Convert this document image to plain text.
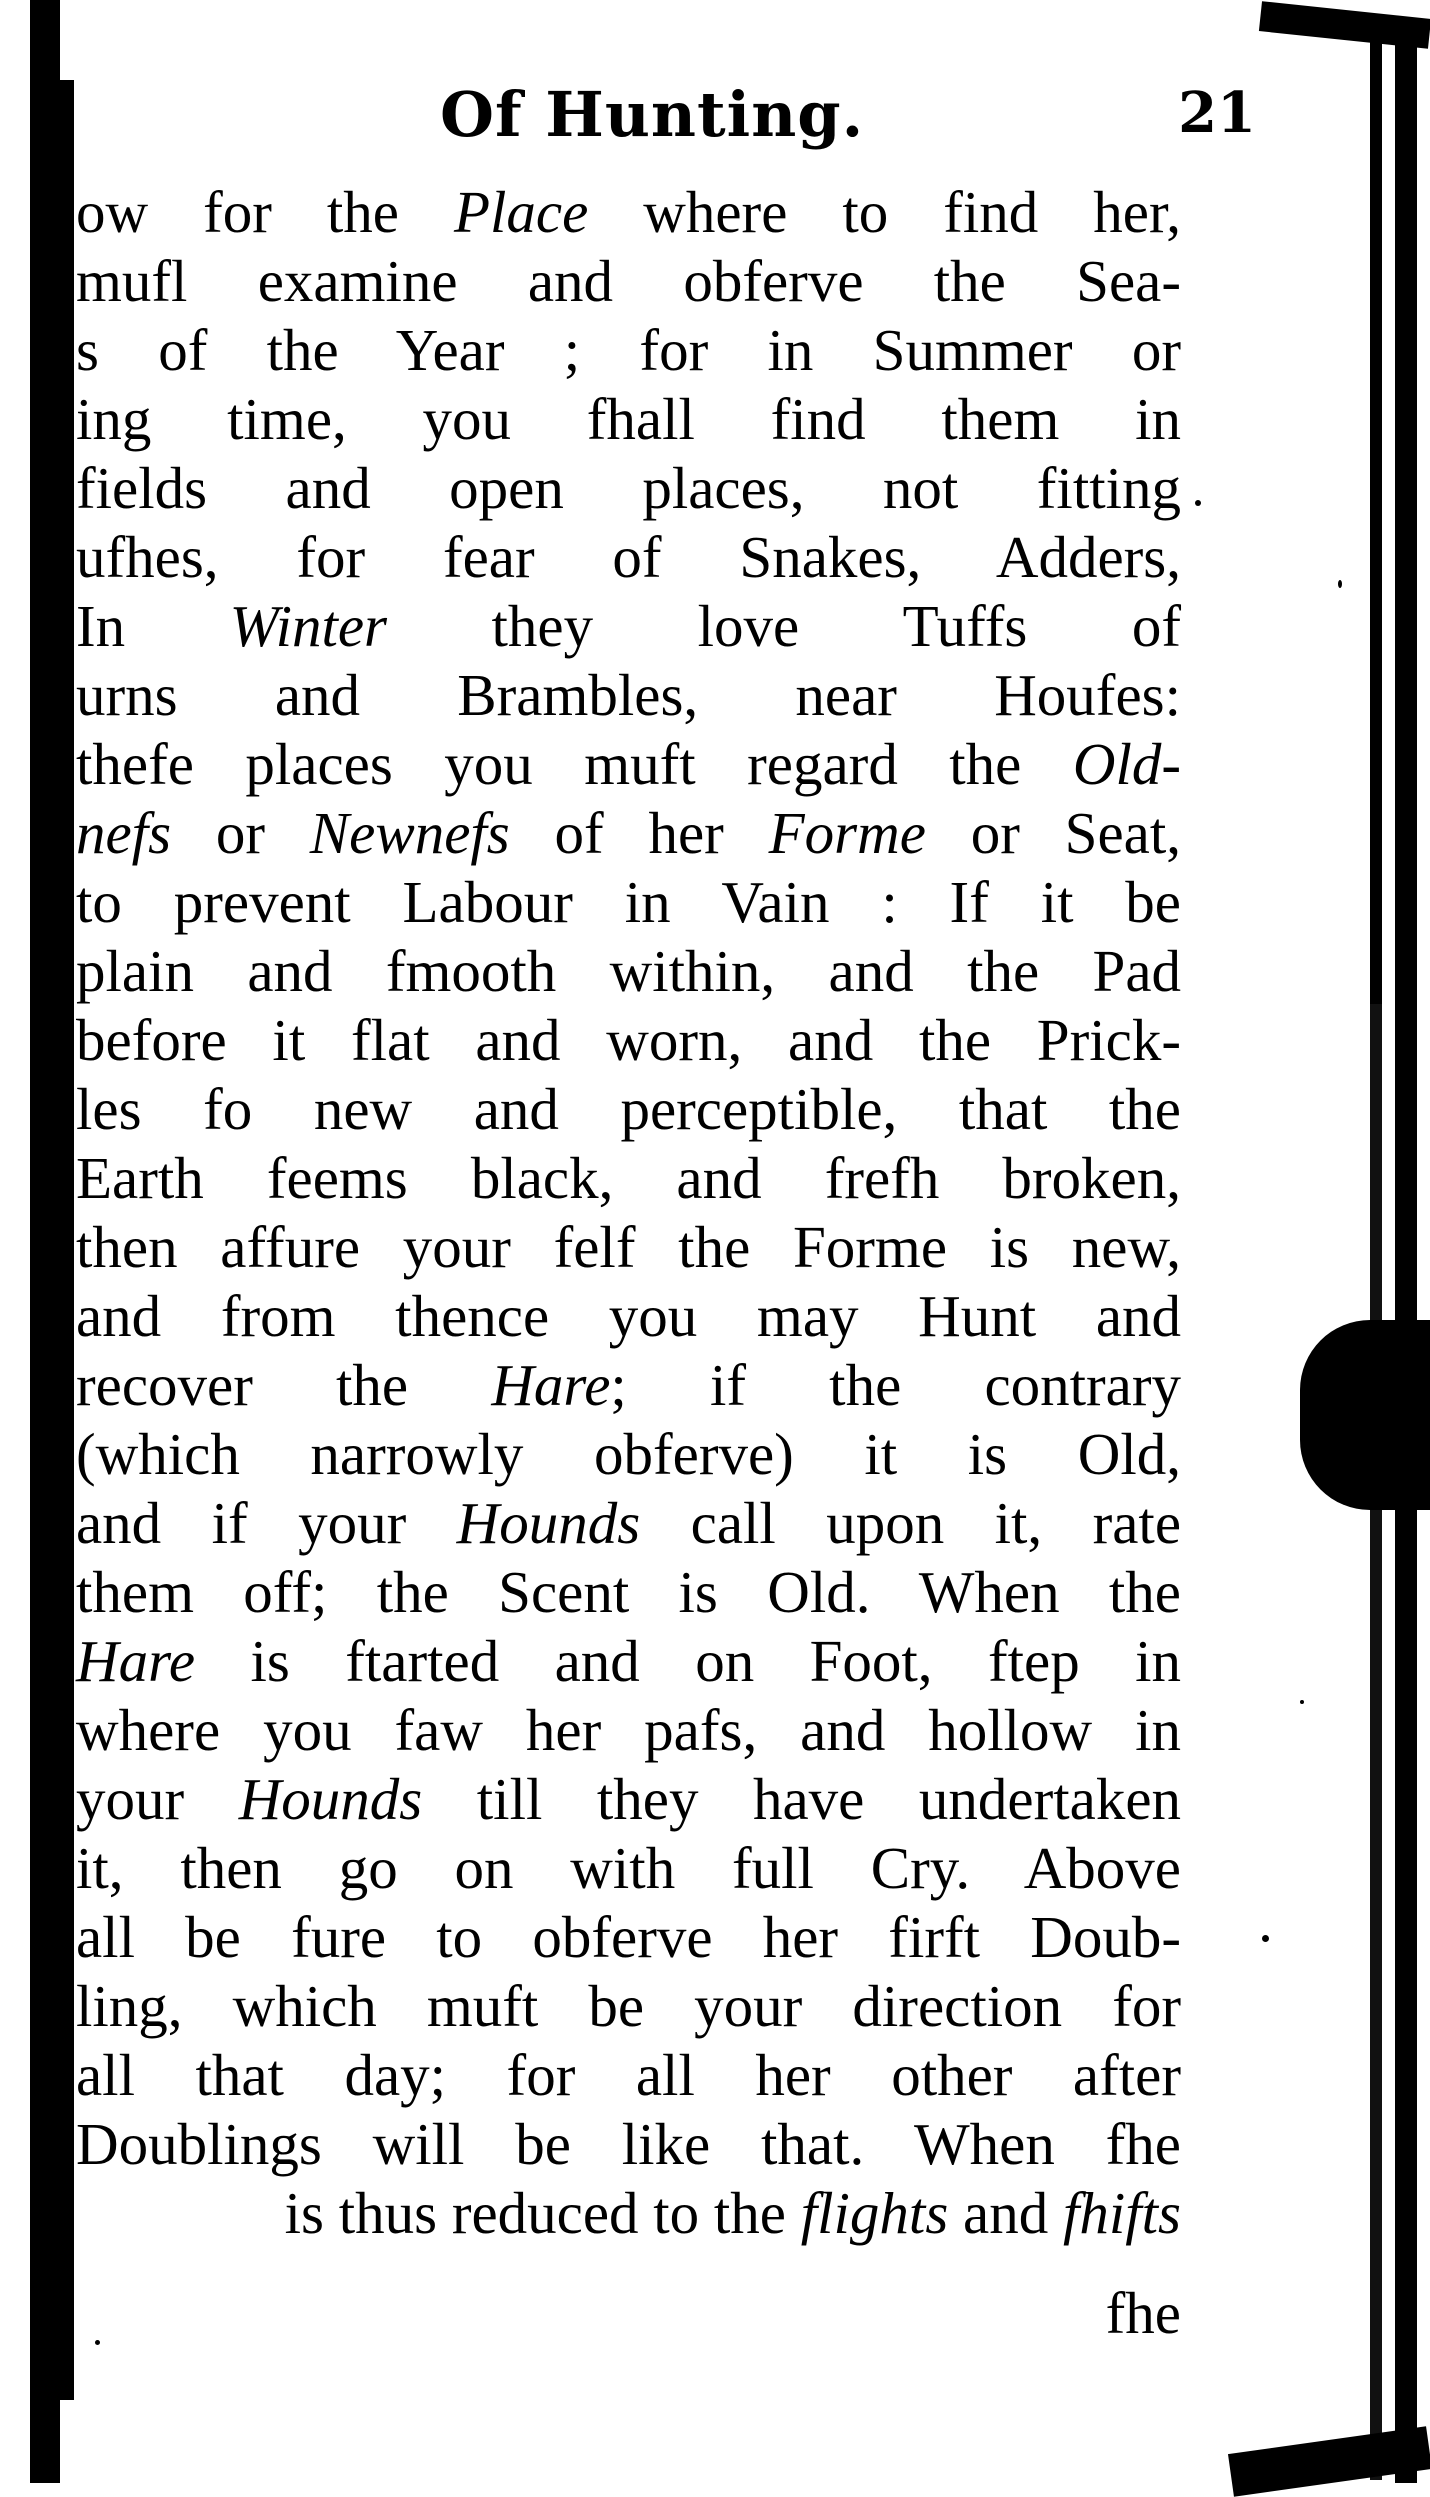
Of Hunting.	21
ow for the Place where to find her,
mufl examine and obferve the Sea-
s of the Year ; for in Summer or
ing time, you fhall find them in
fields and open places, not fitting
ufhes, for fear of Snakes, Adders,
In Winter they love Tuffs of
urns and Brambles, near Houfes:
thefe places you muft regard the Old-
nefs or Newnefs of her Forme or Seat,
to prevent Labour in Vain : If it be
plain and fmooth within, and the Pad
before it flat and worn, and the Prick-
les fo new and perceptible, that the
Earth feems black, and frefh broken,
then affure your felf the Forme is new,
and from thence you may Hunt and
recover the Hare; if the contrary
(which narrowly obferve) it is Old,
and if your Hounds call upon it, rate
them off; the Scent is Old. When the
Hare is ftarted and on Foot, ftep in
where you faw her pafs, and hollow in
your Hounds till they have undertaken
it, then go on with full Cry. Above
all be fure to obferve her firft Doub-
ling, which muft be your direction for
all that day; for all her other after
Doublings will be like that. When fhe
is thus reduced to the flights and fhifts
fhe
